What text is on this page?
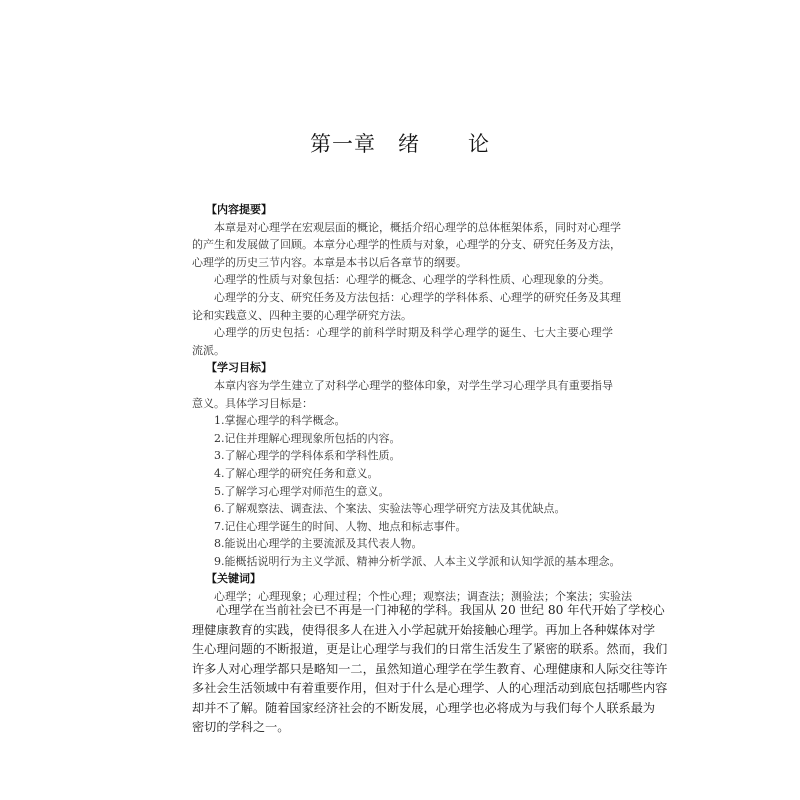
第一章 绪 论
【内容提要】
本章是对心理学在宏观层面的概论，概括介绍心理学的总体框架体系，同时对心理学
的产生和发展做了回顾。本章分心理学的性质与对象，心理学的分支、研究任务及方法，
心理学的历史三节内容。本章是本书以后各章节的纲要。
心理学的性质与对象包括：心理学的概念、心理学的学科性质、心理现象的分类。
心理学的分支、研究任务及方法包括：心理学的学科体系、心理学的研究任务及其理
论和实践意义、四种主要的心理学研究方法。
心理学的历史包括：心理学的前科学时期及科学心理学的诞生、七大主要心理学
流派。
【学习目标】
本章内容为学生建立了对科学心理学的整体印象，对学生学习心理学具有重要指导
意义。具体学习目标是：
1.掌握心理学的科学概念。
2.记住并理解心理现象所包括的内容。
3.了解心理学的学科体系和学科性质。
4.了解心理学的研究任务和意义。
5.了解学习心理学对师范生的意义。
6.了解观察法、调查法、个案法、实验法等心理学研究方法及其优缺点。
7.记住心理学诞生的时间、人物、地点和标志事件。
8.能说出心理学的主要流派及其代表人物。
9.能概括说明行为主义学派、精神分析学派、人本主义学派和认知学派的基本理念。
【关键词】
心理学；心理现象；心理过程；个性心理；观察法；调查法；测验法；个案法；实验法
心理学在当前社会已不再是一门神秘的学科。我国从 20 世纪 80 年代开始了学校心
理健康教育的实践，使得很多人在进入小学起就开始接触心理学。再加上各种媒体对学
生心理问题的不断报道，更是让心理学与我们的日常生活发生了紧密的联系。然而，我们
许多人对心理学都只是略知一二，虽然知道心理学在学生教育、心理健康和人际交往等许
多社会生活领域中有着重要作用，但对于什么是心理学、人的心理活动到底包括哪些内容
却并不了解。随着国家经济社会的不断发展，心理学也必将成为与我们每个人联系最为
密切的学科之一。
